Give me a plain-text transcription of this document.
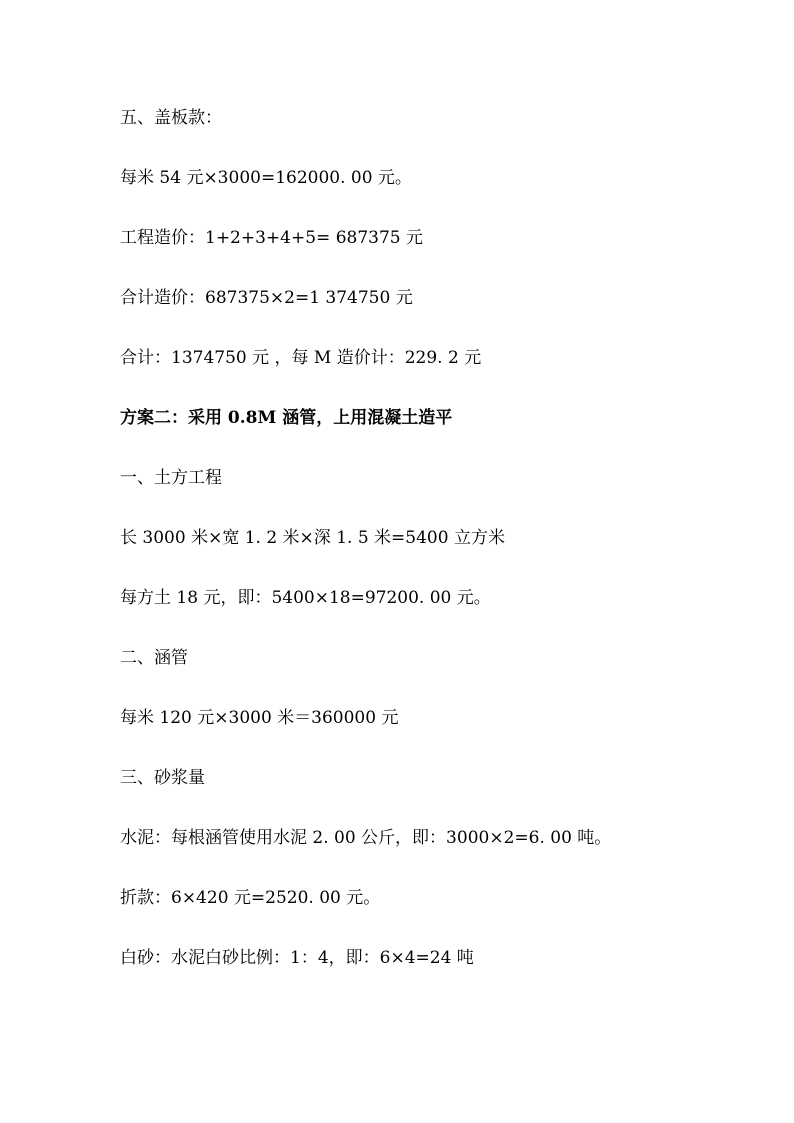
五、盖板款：
每米 54 元×3000=162000. 00 元。
工程造价：1+2+3+4+5= 687375 元
合计造价：687375×2=1 374750 元
合计：1374750 元 ，每 M 造价计：229. 2 元
方案二：采用 0.8M 涵管，上用混凝土造平
一、土方工程
长 3000 米×宽 1. 2 米×深 1. 5 米=5400 立方米
每方土 18 元，即：5400×18=97200. 00 元。
二、涵管
每米 120 元×3000 米＝360000 元
三、砂浆量
水泥：每根涵管使用水泥 2. 00 公斤，即：3000×2=6. 00 吨。
折款：6×420 元=2520. 00 元。
白砂：水泥白砂比例：1：4，即：6×4=24 吨
